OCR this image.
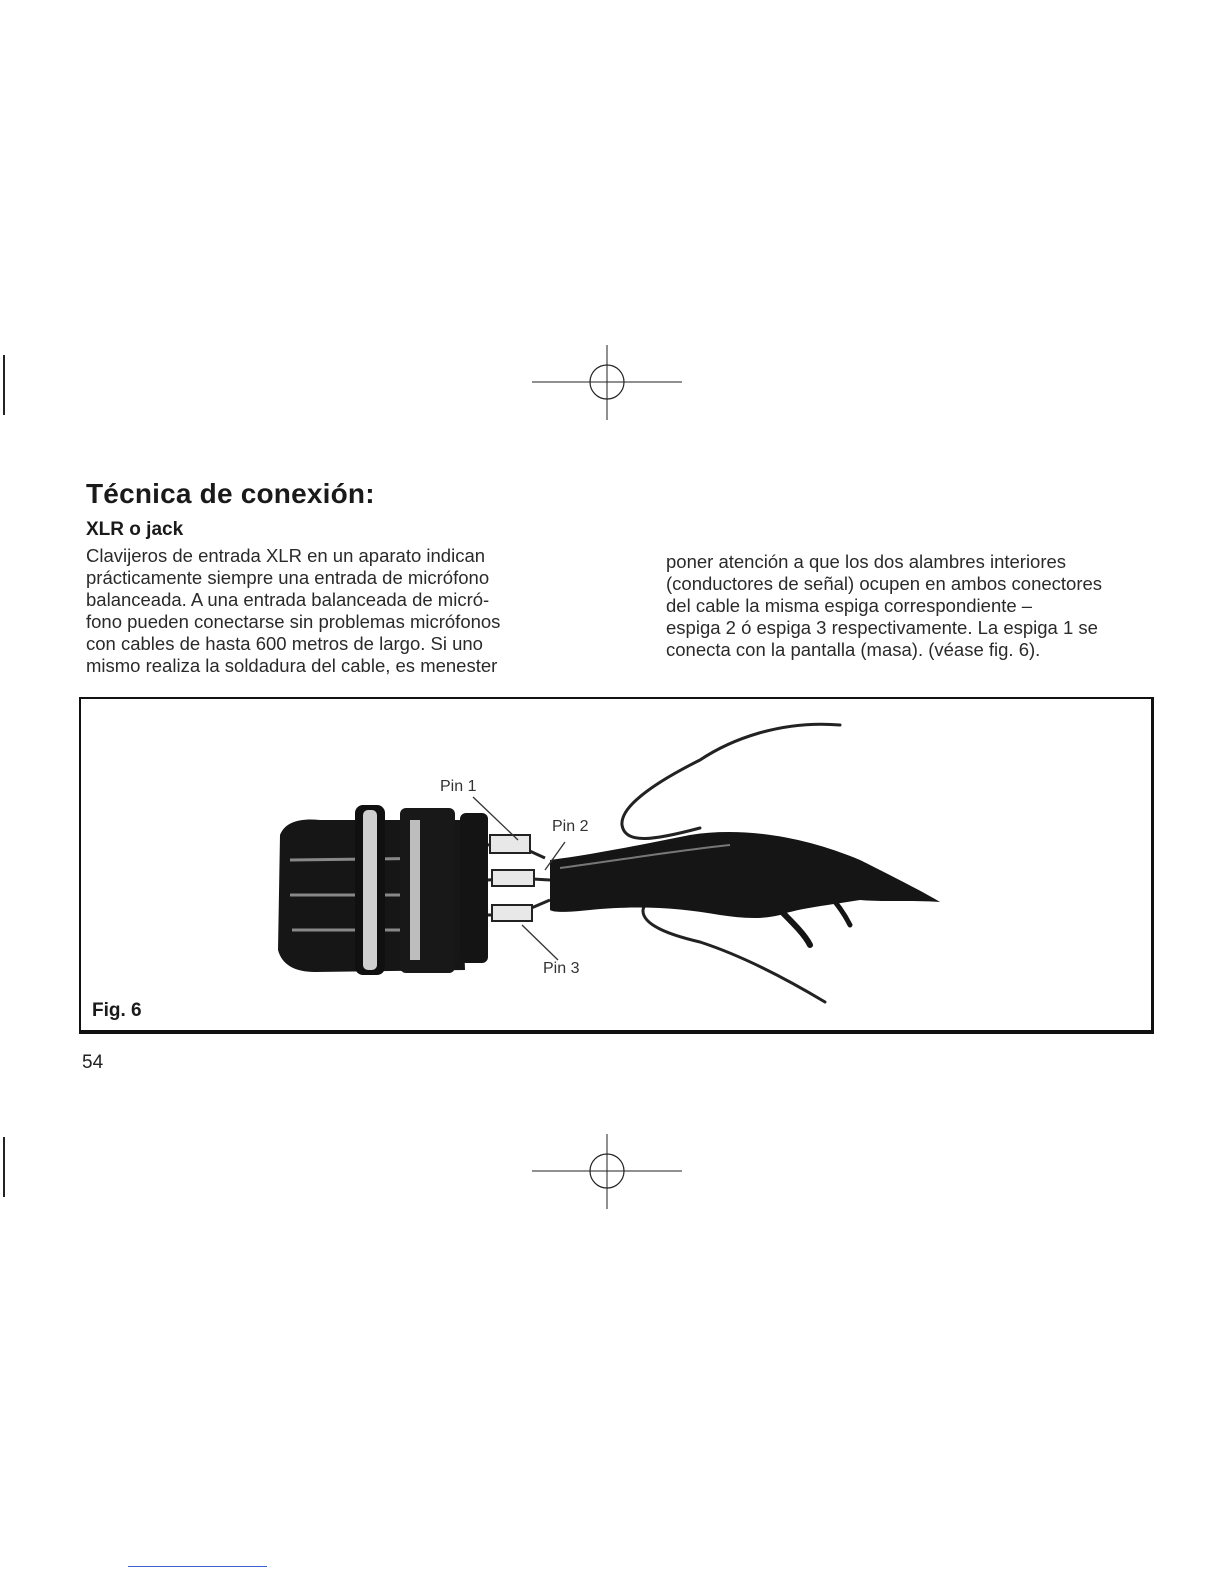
Técnica de conexión:
XLR o jack
Clavijeros de entrada XLR en un aparato indican
prácticamente siempre una entrada de micrófono
balanceada. A una entrada balanceada de micró-
fono pueden conectarse sin problemas micrófonos
con cables de hasta 600 metros de largo. Si uno
mismo realiza la soldadura del cable, es menester
poner atención a que los dos alambres interiores
(conductores de señal) ocupen en ambos conectores
del cable la misma espiga correspondiente –
espiga 2 ó espiga 3 respectivamente. La espiga 1 se
conecta con la pantalla (masa). (véase fig. 6).
Pin 1
Pin 2
Pin 3
Fig. 6
54
